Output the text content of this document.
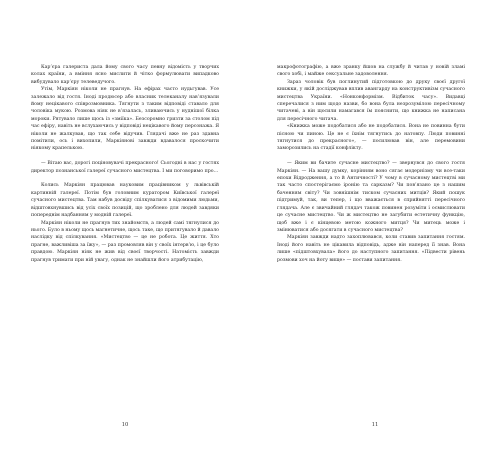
Кар’єра галериста дала йому свого часу певну відомість у творчих колах країни, а вміння ясно мислити й чітко формулювати випадково вибудувало кар’єру телеведучого.

Утім, Маркіян ніколи не прагнув. На ефірах часто нудьгував. Усе залежало від гостя. Іноді продюсер або власник телеканалу нав’язували йому нецікавого співрозмовника. Тягнути з таким відповіді ставало для чоловіка мукою. Розмова ніяк не в’язалась, зливаючись у нуднішої білка мороки. Рятувало лише щось із «зміїка». Безсоромно гризти за столом під час ефіру, навіть не вслухаючись у відповіді нецікавого йому персонажа. Я ніколи не жалкував, що так себе відучив. Глядачі вже не раз здавна помітили, ось і вихопили, Маркіянові завжди вдавалося проскочити ніякому крапелькою.

— Вітаю вас, дорогі поціновувачі прекрасного! Сьогодні в нас у гостях директор познанської галереї сучасного мистецтва. І ми поговоримо про…

Колись Маркіян працював науковим працівником у львівській картинній галереї. Потім був головним куратором Київської галереї сучасного мистецтва. Там набув досвіду спілкуватися з відомими людьми, відштовхнувшись від усіх своїх позицій, що зроблено для людей завдяки попереднім надбанням у модній галереї.

Маркіян ніколи не прагнув тих знайомств, а людей самі тягнулися до нього. Було в ньому щось магнетичне, щось таке, що притягувало й давало наслідку від спілкування. «Мистецтво — це не робота. Це життя. Хто прагне, важливіша за їжу», — раз промовляв він у своїх інтерв’ю, і це було правдою. Маркіян ніяк не жив від своєї творчості. Натомість завжди прагнув тримати при ній увагу, однак не знайшли його атрибутацію,

10

макрофотографію, а вже зранку йшов на службу й читав у новій зламі свого хобі, і майже сексуальне задоволення.

Зараз чоловік був поглинутий підготовкою до друку своєї другої книжки, у якій досліджував вплив авангарду на конструктивізм сучасного мистецтва України. «Нонконформізм. Відбиток часу». Видавці сперечалися з ним щодо назви, бо вона була незрозумілою пересічному читачеві, а він щосили намагався їм пояснити, що книжка не написана для пересічного читача.

«Книжка може подобатися або не подобатися. Вона не повинна бути пісною чи пиною. Це не є їхнім тягнутись до натовпу. Люди повинні тягнутися до прекрасного», — посилював він, але перемовини заморозились на стадії конфлікту.

— Яким ви бачите сучасне мистецтво? — звернувся до свого гостя Маркіян. — На вашу думку, корінням воно сягає модернізму чи все-таки епохи Відродження, а то й Античності? У чому в сучасному мистецтві ми так часто спостерігаємо іронію та сарказм? Чи пов’язано це з нашим баченням світу? Чи зовнішнім тиском сучасних митців? Який пошук підтримуй, так, ви тепер, і що вважається в сприйнятті пересічного глядача. Але є звичайний глядач також повинен розуміти і осмислювати це сучасне мистецтво. Чи ж мистецтво не загубити естетичну функцію, щоб вже і є кінцевою метою кожного митця? Чи митець може і змінюватися або досягати в сучасного мистецтва?

Маркіян завжди надто захоплювався, коли ставив запитання гостям. Іноді його навіть не цікавила відповідь, адже він наперед її знав. Вона лише «підштовхувала» його до наступного запитання. «Підвести рівень розмови хоч на йоту вище» — постави запитання.

11
